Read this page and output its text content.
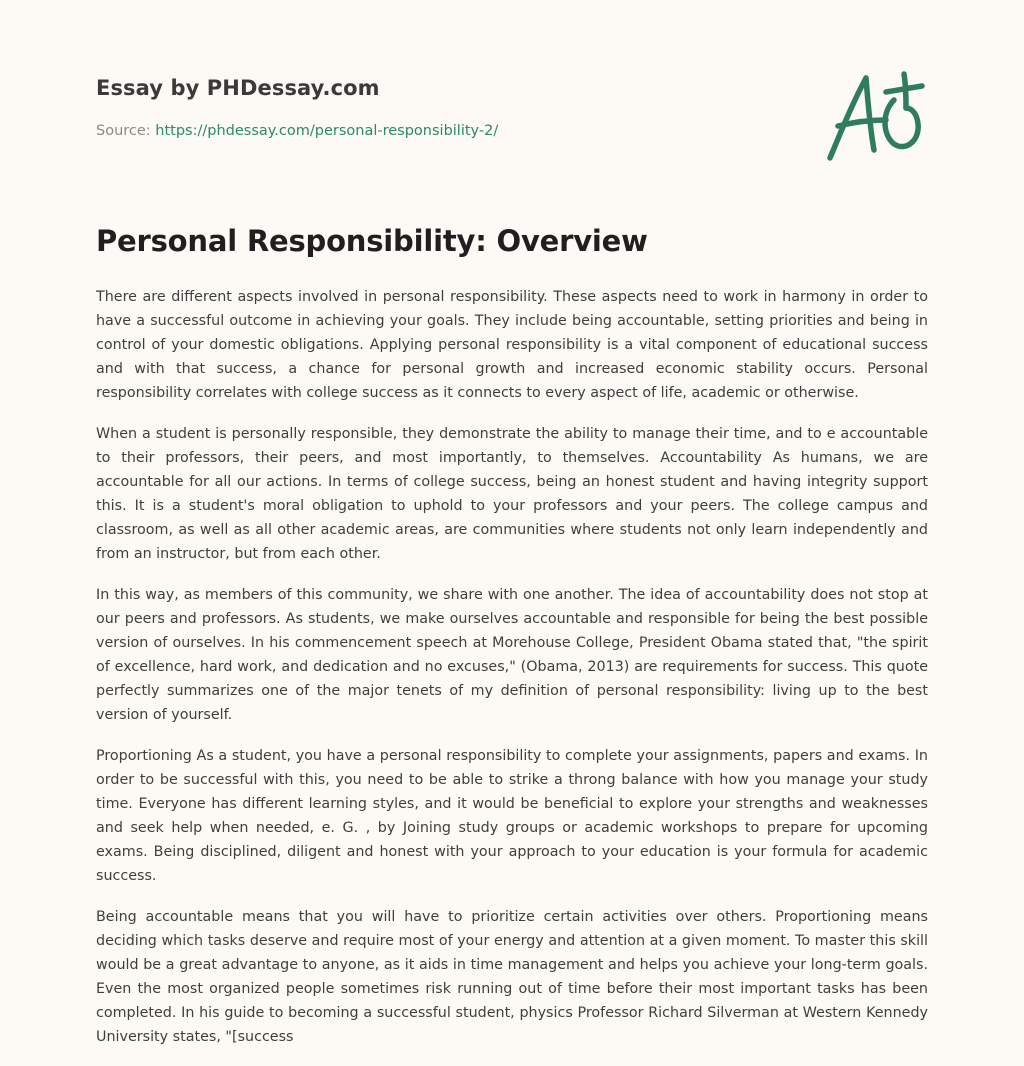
Essay by PHDessay.com
Source: https://phdessay.com/personal-responsibility-2/
Personal Responsibility: Overview

There are different aspects involved in personal responsibility. These aspects need to work in harmony in order to have a successful outcome in achieving your goals. They include being accountable, setting priorities and being in control of your domestic obligations. Applying personal responsibility is a vital component of educational success and with that success, a chance for personal growth and increased economic stability occurs. Personal responsibility correlates with college success as it connects to every aspect of life, academic or otherwise.

When a student is personally responsible, they demonstrate the ability to manage their time, and to e accountable to their professors, their peers, and most importantly, to themselves. Accountability As humans, we are accountable for all our actions. In terms of college success, being an honest student and having integrity support this. It is a student's moral obligation to uphold to your professors and your peers. The college campus and classroom, as well as all other academic areas, are communities where students not only learn independently and from an instructor, but from each other.

In this way, as members of this community, we share with one another. The idea of accountability does not stop at our peers and professors. As students, we make ourselves accountable and responsible for being the best possible version of ourselves. In his commencement speech at Morehouse College, President Obama stated that, "the spirit of excellence, hard work, and dedication and no excuses," (Obama, 2013) are requirements for success. This quote perfectly summarizes one of the major tenets of my definition of personal responsibility: living up to the best version of yourself.

Proportioning As a student, you have a personal responsibility to complete your assignments, papers and exams. In order to be successful with this, you need to be able to strike a throng balance with how you manage your study time. Everyone has different learning styles, and it would be beneficial to explore your strengths and weaknesses and seek help when needed, e. G. , by Joining study groups or academic workshops to prepare for upcoming exams. Being disciplined, diligent and honest with your approach to your education is your formula for academic success.

Being accountable means that you will have to prioritize certain activities over others. Proportioning means deciding which tasks deserve and require most of your energy and attention at a given moment. To master this skill would be a great advantage to anyone, as it aids in time management and helps you achieve your long-term goals. Even the most organized people sometimes risk running out of time before their most important tasks has been completed. In his guide to becoming a successful student, physics Professor Richard Silverman at Western Kennedy University states, "[success
